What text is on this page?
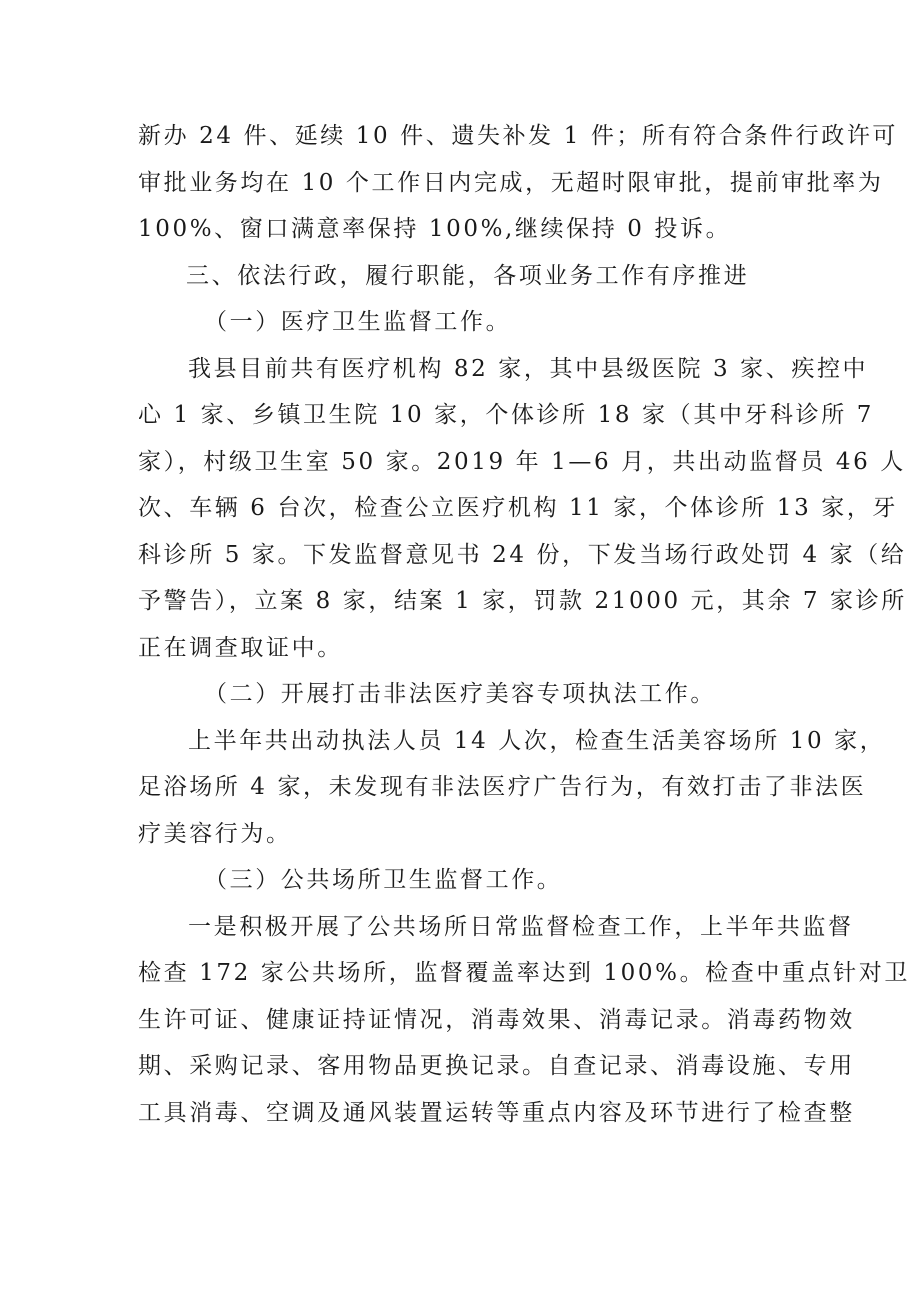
新办 24 件、延续 10 件、遗失补发 1 件；所有符合条件行政许可
审批业务均在 10 个工作日内完成，无超时限审批，提前审批率为
100%、窗口满意率保持 100%,继续保持 0 投诉。
三、依法行政，履行职能，各项业务工作有序推进
（一）医疗卫生监督工作。
我县目前共有医疗机构 82 家，其中县级医院 3 家、疾控中
心 1 家、乡镇卫生院 10 家，个体诊所 18 家（其中牙科诊所 7
家），村级卫生室 50 家。2019 年 1—6 月，共出动监督员 46 人
次、车辆 6 台次，检查公立医疗机构 11 家，个体诊所 13 家，牙
科诊所 5 家。下发监督意见书 24 份，下发当场行政处罚 4 家（给
予警告），立案 8 家，结案 1 家，罚款 21000 元，其余 7 家诊所
正在调查取证中。
（二）开展打击非法医疗美容专项执法工作。
上半年共出动执法人员 14 人次，检查生活美容场所 10 家，
足浴场所 4 家，未发现有非法医疗广告行为，有效打击了非法医
疗美容行为。
（三）公共场所卫生监督工作。
一是积极开展了公共场所日常监督检查工作，上半年共监督
检查 172 家公共场所，监督覆盖率达到 100%。检查中重点针对卫
生许可证、健康证持证情况，消毒效果、消毒记录。消毒药物效
期、采购记录、客用物品更换记录。自查记录、消毒设施、专用
工具消毒、空调及通风装置运转等重点内容及环节进行了检查整
